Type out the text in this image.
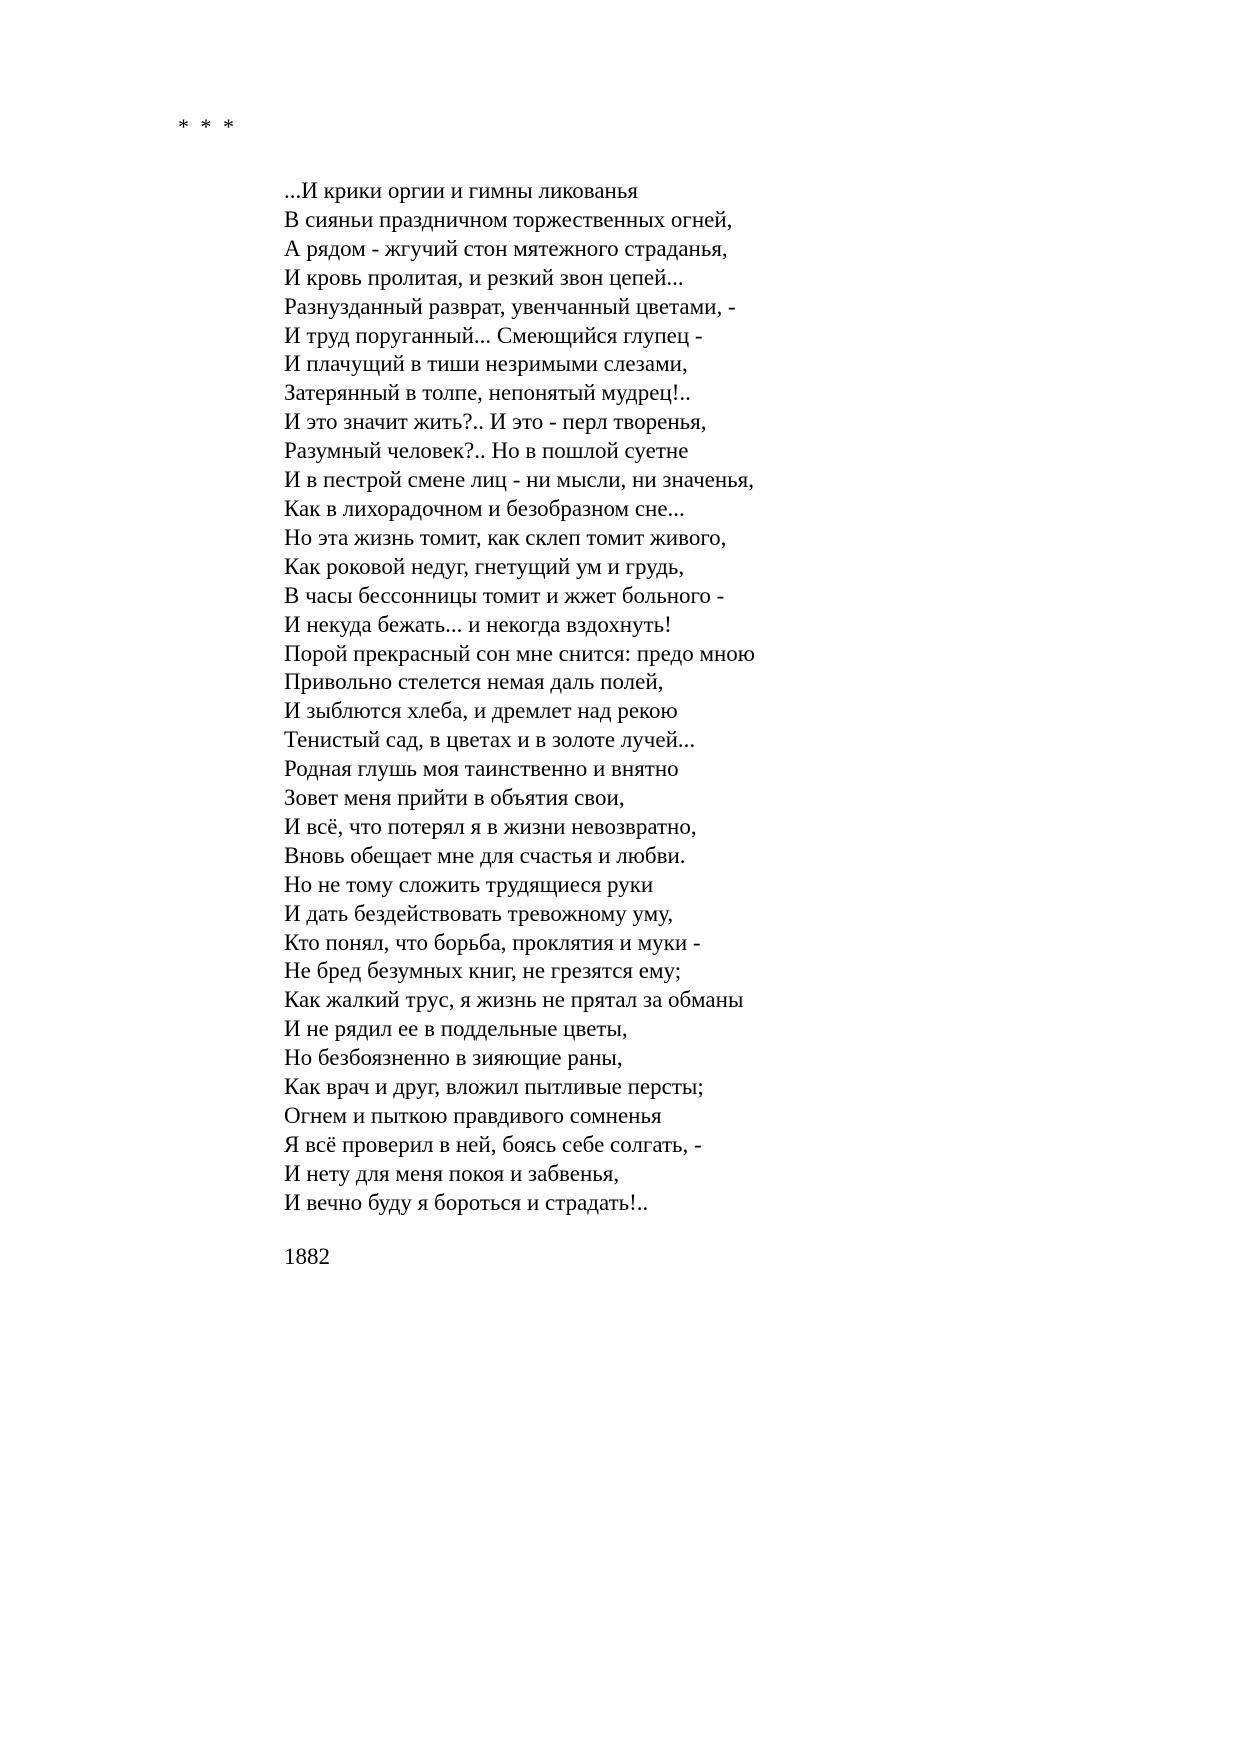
* * *
...И крики оргии и гимны ликованья
В сияньи праздничном торжественных огней,
А рядом - жгучий стон мятежного страданья,
И кровь пролитая, и резкий звон цепей...
Разнузданный разврат, увенчанный цветами, -
И труд поруганный... Смеющийся глупец -
И плачущий в тиши незримыми слезами,
Затерянный в толпе, непонятый мудрец!..
И это значит жить?.. И это - перл творенья,
Разумный человек?.. Но в пошлой суетне
И в пестрой смене лиц - ни мысли, ни значенья,
Как в лихорадочном и безобразном сне...
Но эта жизнь томит, как склеп томит живого,
Как роковой недуг, гнетущий ум и грудь,
В часы бессонницы томит и жжет больного -
И некуда бежать... и некогда вздохнуть!
Порой прекрасный сон мне снится: предо мною
Привольно стелется немая даль полей,
И зыблются хлеба, и дремлет над рекою
Тенистый сад, в цветах и в золоте лучей...
Родная глушь моя таинственно и внятно
Зовет меня прийти в объятия свои,
И всё, что потерял я в жизни невозвратно,
Вновь обещает мне для счастья и любви.
Но не тому сложить трудящиеся руки
И дать бездействовать тревожному уму,
Кто понял, что борьба, проклятия и муки -
Не бред безумных книг, не грезятся ему;
Как жалкий трус, я жизнь не прятал за обманы
И не рядил ее в поддельные цветы,
Но безбоязненно в зияющие раны,
Как врач и друг, вложил пытливые персты;
Огнем и пыткою правдивого сомненья
Я всё проверил в ней, боясь себе солгать, -
И нету для меня покоя и забвенья,
И вечно буду я бороться и страдать!..
1882
